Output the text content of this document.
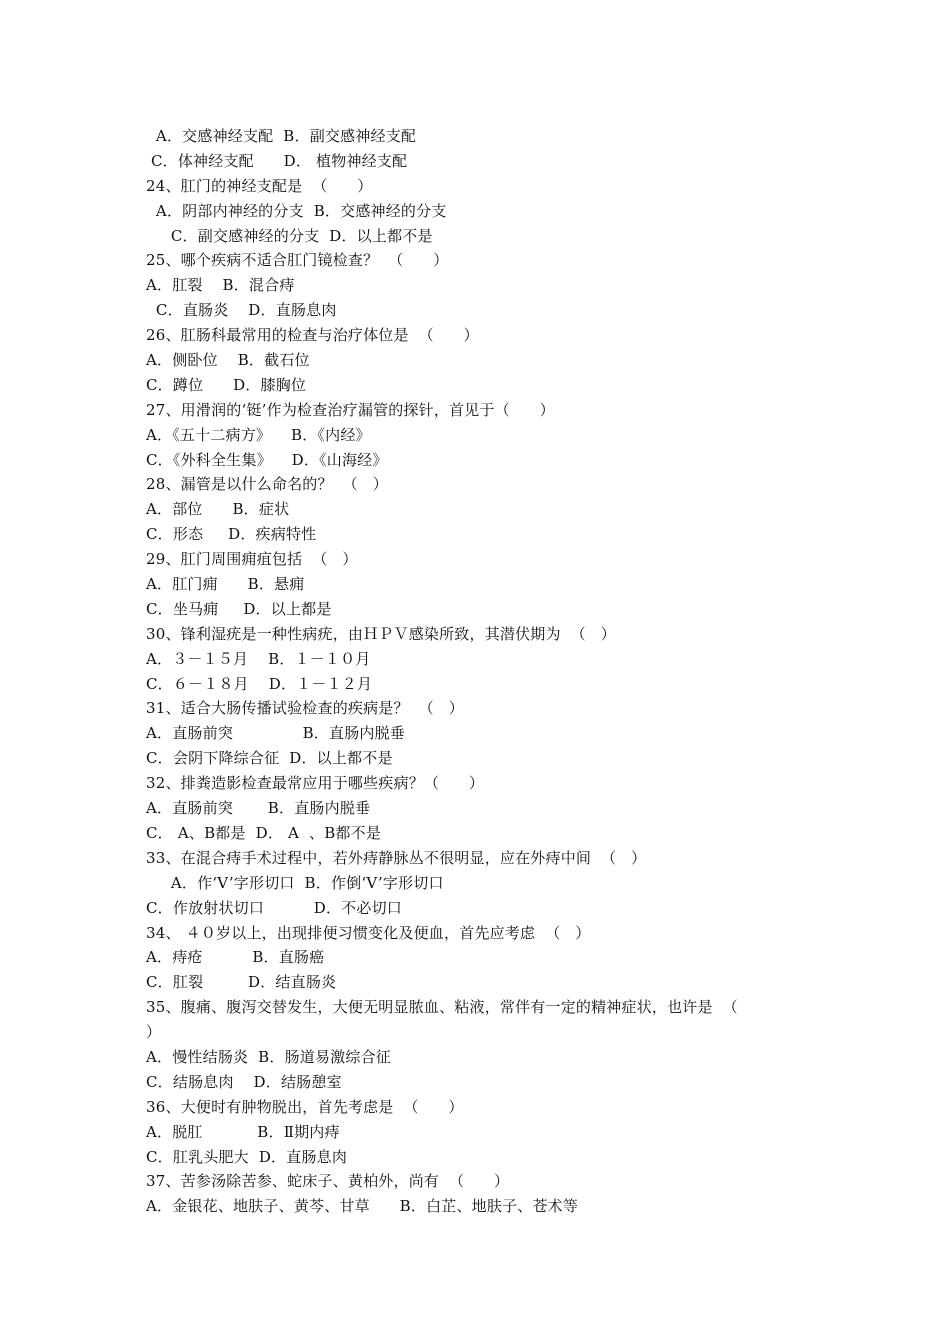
A．交感神经支配  B．副交感神经支配
C．体神经支配      D． 植物神经支配
24、肛门的神经支配是  （      ）
A．阴部内神经的分支  B．交感神经的分支
C．副交感神经的分支  D．以上都不是
25、哪个疾病不适合肛门镜检查？  （      ）
A．肛裂    B．混合痔
C．直肠炎    D．直肠息肉
26、肛肠科最常用的检查与治疗体位是  （      ）
A．侧卧位    B．截石位
C．蹲位      D．膝胸位
27、用滑润的‘铤’作为检查治疗漏管的探针，首见于（      ）
A．《五十二病方》    B．《内经》
C．《外科全生集》    D．《山海经》
28、漏管是以什么命名的？  （   ）
A．部位      B．症状
C．形态     D．疾病特性
29、肛门周围痈疽包括  （   ）
A．肛门痈      B．悬痈
C．坐马痈     D．以上都是
30、锋利湿疣是一种性病疣，由ＨＰＶ感染所致，其潜伏期为  （   ）
A．３－１５月    B．１－１０月
C．６－１８月    D．１－１２月
31、适合大肠传播试验检查的疾病是？  （   ）
A．直肠前突              B．直肠内脱垂
C．会阴下降综合征  D．以上都不是
32、排粪造影检查最常应用于哪些疾病？（      ）
A．直肠前突       B．直肠内脱垂
C． A、B都是  D． A  、B都不是
33、在混合痔手术过程中，若外痔静脉丛不很明显，应在外痔中间  （   ）
A．作‘V’字形切口  B．作倒‘V’字形切口
C．作放射状切口          D．不必切口
34、 ４０岁以上，出现排便习惯变化及便血，首先应考虑  （   ）
A．痔疮          B．直肠癌
C．肛裂         D．结直肠炎
35、腹痛、腹泻交替发生，大便无明显脓血、粘液，常伴有一定的精神症状，也许是  （
）
A．慢性结肠炎  B．肠道易激综合征
C．结肠息肉    D．结肠憩室
36、大便时有肿物脱出，首先考虑是  （      ）
A．脱肛           B．Ⅱ期内痔
C．肛乳头肥大  D．直肠息肉
37、苦参汤除苦参、蛇床子、黄柏外，尚有  （      ）
A．金银花、地肤子、黄芩、甘草      B．白芷、地肤子、苍术等
